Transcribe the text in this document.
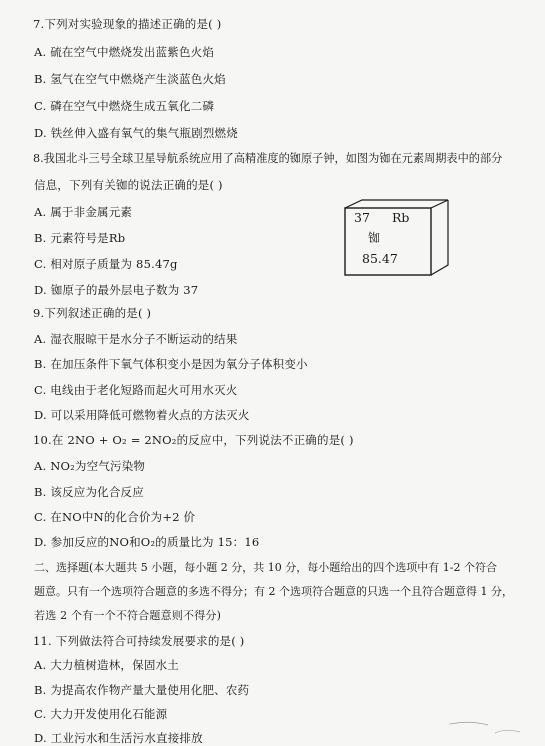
7.下列对实验现象的描述正确的是( )
A. 硫在空气中燃烧发出蓝紫色火焰
B. 氢气在空气中燃烧产生淡蓝色火焰
C. 磷在空气中燃烧生成五氧化二磷
D. 铁丝伸入盛有氧气的集气瓶剧烈燃烧
8.我国北斗三号全球卫星导航系统应用了高精准度的铷原子钟，如图为铷在元素周期表中的部分
信息，下列有关铷的说法正确的是( )
A. 属于非金属元素
B. 元素符号是Rb
C. 相对原子质量为 85.47g
D. 铷原子的最外层电子数为 37
37 Rb
铷
85.47
9.下列叙述正确的是( )
A. 湿衣服晾干是水分子不断运动的结果
B. 在加压条件下氧气体积变小是因为氧分子体积变小
C. 电线由于老化短路而起火可用水灭火
D. 可以采用降低可燃物着火点的方法灭火
10.在 2NO + O₂ = 2NO₂的反应中，下列说法不正确的是( )
A. NO₂为空气污染物
B. 该反应为化合反应
C. 在NO中N的化合价为+2 价
D. 参加反应的NO和O₂的质量比为 15：16
二、选择题(本大题共 5 小题，每小题 2 分，共 10 分，每小题给出的四个选项中有 1-2 个符合
题意。只有一个选项符合题意的多选不得分；有 2 个选项符合题意的只选一个且符合题意得 1 分，
若选 2 个有一个不符合题意则不得分)
11. 下列做法符合可持续发展要求的是( )
A. 大力植树造林，保固水土
B. 为提高农作物产量大量使用化肥、农药
C. 大力开发使用化石能源
D. 工业污水和生活污水直接排放
